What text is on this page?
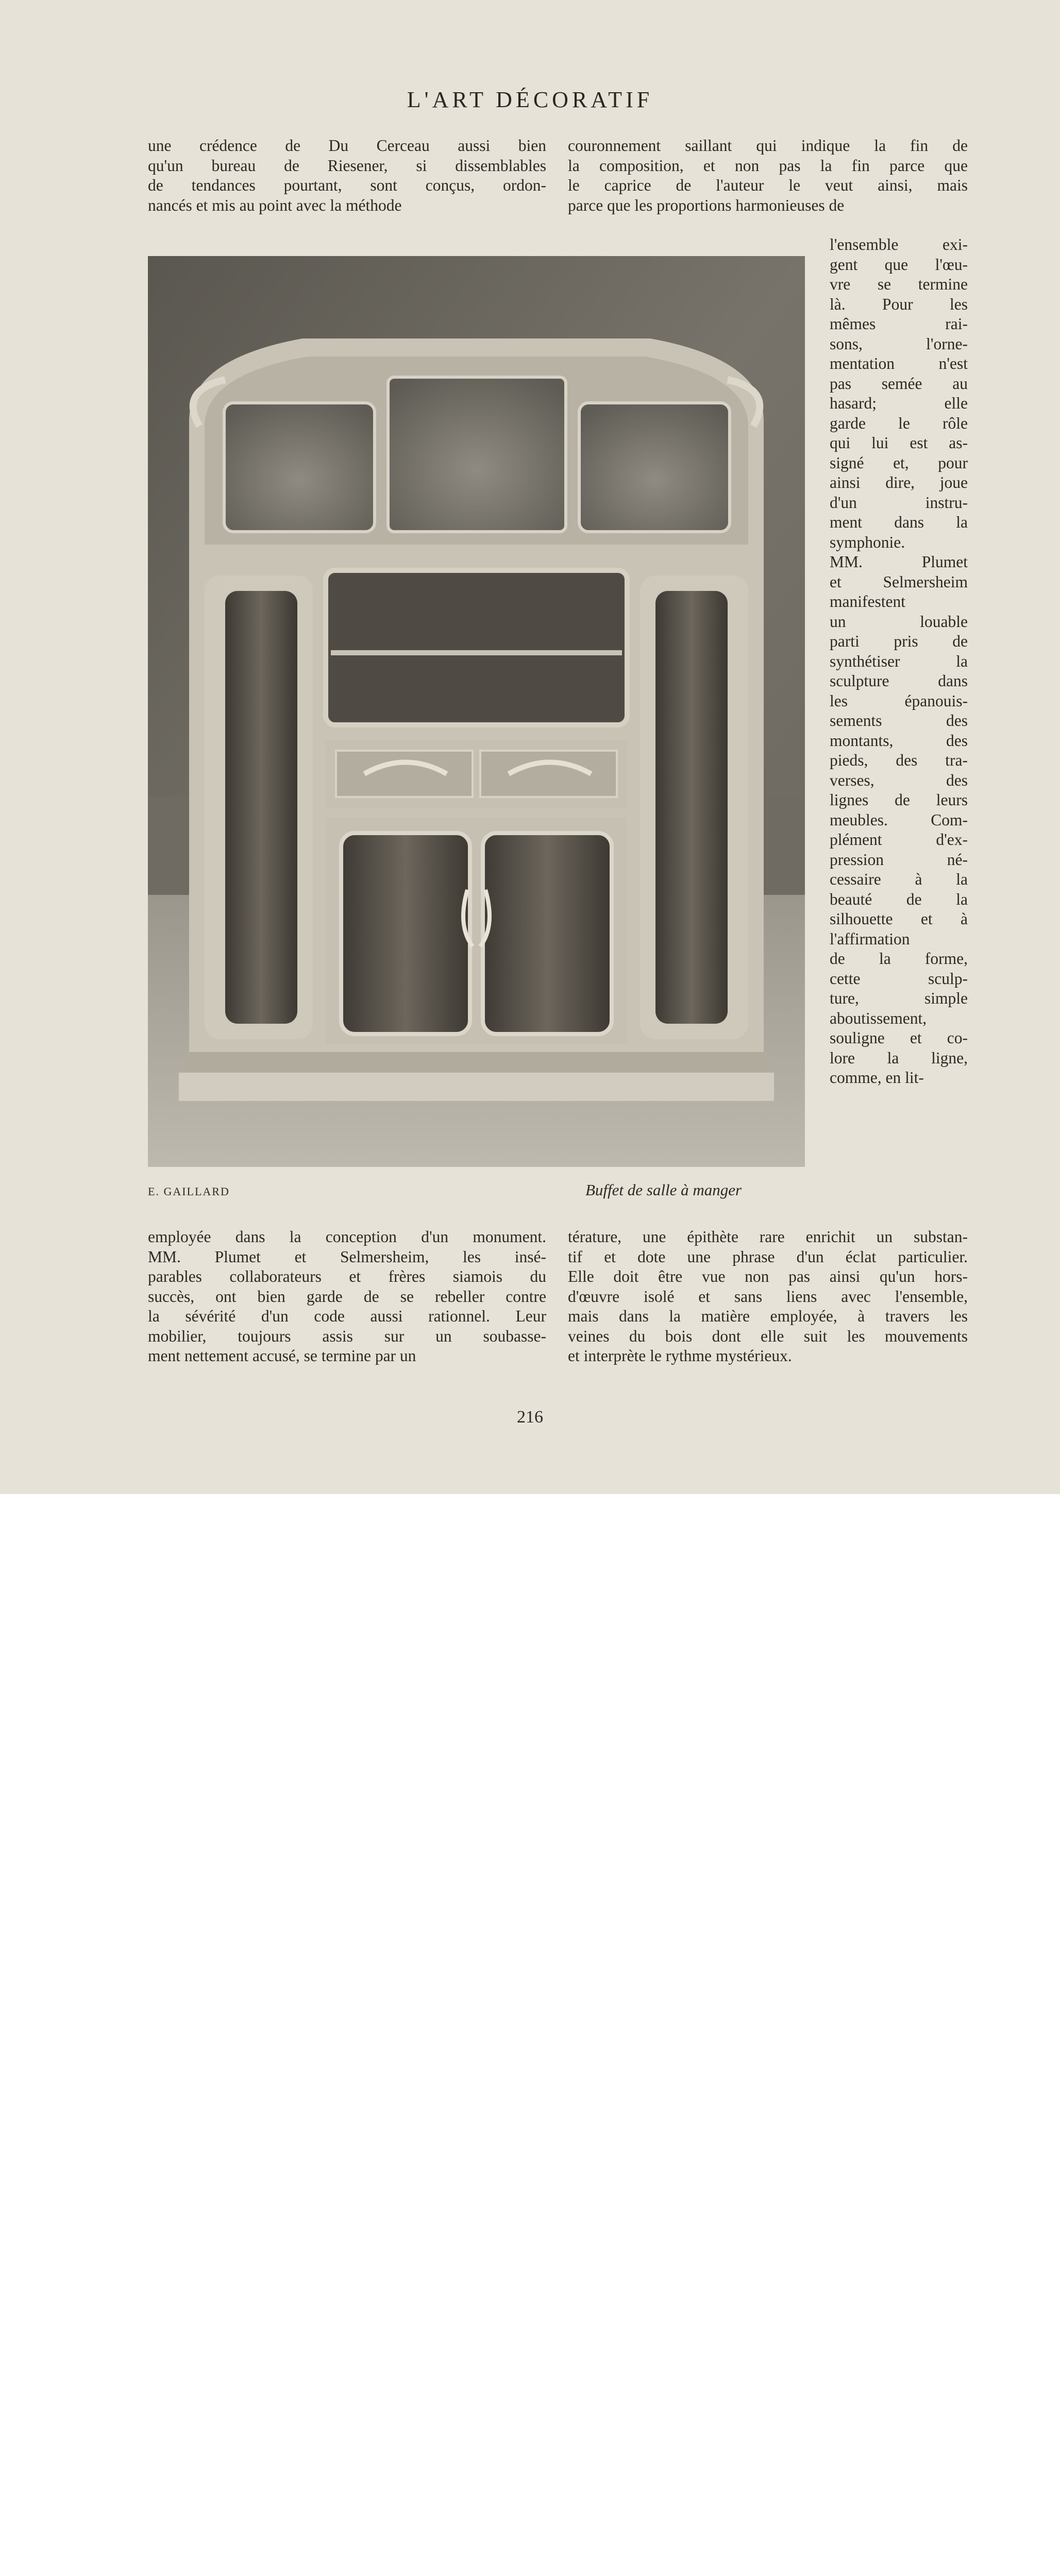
L'ART DÉCORATIF

une crédence de Du Cerceau aussi bien

qu'un bureau de Riesener, si dissemblables

de tendances pourtant, sont conçus, ordon-

nancés et mis au point avec la méthode

couronnement saillant qui indique la fin de

la composition, et non pas la fin parce que

le caprice de l'auteur le veut ainsi, mais

parce que les proportions harmonieuses de

l'ensemble exi-

gent que l'œu-

vre se termine

là. Pour les

mêmes rai-

sons, l'orne-

mentation n'est

pas semée au

hasard; elle

garde le rôle

qui lui est as-

signé et, pour

ainsi dire, joue

d'un instru-

ment dans la

symphonie.

MM. Plumet

et Selmersheim

manifestent

un louable

parti pris de

synthétiser la

sculpture dans

les épanouis-

sements des

montants, des

pieds, des tra-

verses, des

lignes de leurs

meubles. Com-

plément d'ex-

pression né-

cessaire à la

beauté de la

silhouette et à

l'affirmation

de la forme,

cette sculp-

ture, simple

aboutissement,

souligne et co-

lore la ligne,

comme, en lit-

E. GAILLARD	Buffet de salle à manger

employée dans la conception d'un monument.

MM. Plumet et Selmersheim, les insé-

parables collaborateurs et frères siamois du

succès, ont bien garde de se rebeller contre

la sévérité d'un code aussi rationnel. Leur

mobilier, toujours assis sur un soubasse-

ment nettement accusé, se termine par un

térature, une épithète rare enrichit un substan-

tif et dote une phrase d'un éclat particulier.

Elle doit être vue non pas ainsi qu'un hors-

d'œuvre isolé et sans liens avec l'ensemble,

mais dans la matière employée, à travers les

veines du bois dont elle suit les mouvements

et interprète le rythme mystérieux.

216
